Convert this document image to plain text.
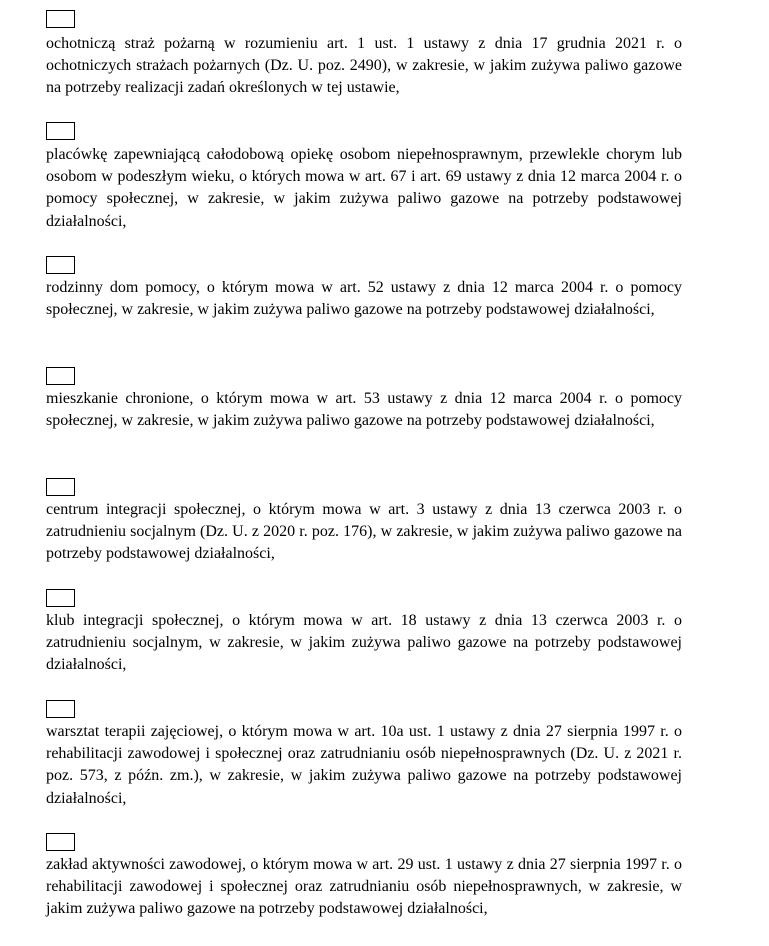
ochotniczą straż pożarną w rozumieniu art. 1 ust. 1 ustawy z dnia 17 grudnia 2021 r. o ochotniczych strażach pożarnych (Dz. U. poz. 2490), w zakresie, w jakim zużywa paliwo gazowe na potrzeby realizacji zadań określonych w tej ustawie,

placówkę zapewniającą całodobową opiekę osobom niepełnosprawnym, przewlekle chorym lub osobom w podeszłym wieku, o których mowa w art. 67 i art. 69 ustawy z dnia 12 marca 2004 r. o pomocy społecznej, w zakresie, w jakim zużywa paliwo gazowe na potrzeby podstawowej działalności,

rodzinny dom pomocy, o którym mowa w art. 52 ustawy z dnia 12 marca 2004 r. o pomocy społecznej, w zakresie, w jakim zużywa paliwo gazowe na potrzeby podstawowej działalności,

mieszkanie chronione, o którym mowa w art. 53 ustawy z dnia 12 marca 2004 r. o pomocy społecznej, w zakresie, w jakim zużywa paliwo gazowe na potrzeby podstawowej działalności,

centrum integracji społecznej, o którym mowa w art. 3 ustawy z dnia 13 czerwca 2003 r. o zatrudnieniu socjalnym (Dz. U. z 2020 r. poz. 176), w zakresie, w jakim zużywa paliwo gazowe na potrzeby podstawowej działalności,

klub integracji społecznej, o którym mowa w art. 18 ustawy z dnia 13 czerwca 2003 r. o zatrudnieniu socjalnym, w zakresie, w jakim zużywa paliwo gazowe na potrzeby podstawowej działalności,

warsztat terapii zajęciowej, o którym mowa w art. 10a ust. 1 ustawy z dnia 27 sierpnia 1997 r. o rehabilitacji zawodowej i społecznej oraz zatrudnianiu osób niepełnosprawnych (Dz. U. z 2021 r. poz. 573, z późn. zm.), w zakresie, w jakim zużywa paliwo gazowe na potrzeby podstawowej działalności,

zakład aktywności zawodowej, o którym mowa w art. 29 ust. 1 ustawy z dnia 27 sierpnia 1997 r. o rehabilitacji zawodowej i społecznej oraz zatrudnianiu osób niepełnosprawnych, w zakresie, w jakim zużywa paliwo gazowe na potrzeby podstawowej działalności,
